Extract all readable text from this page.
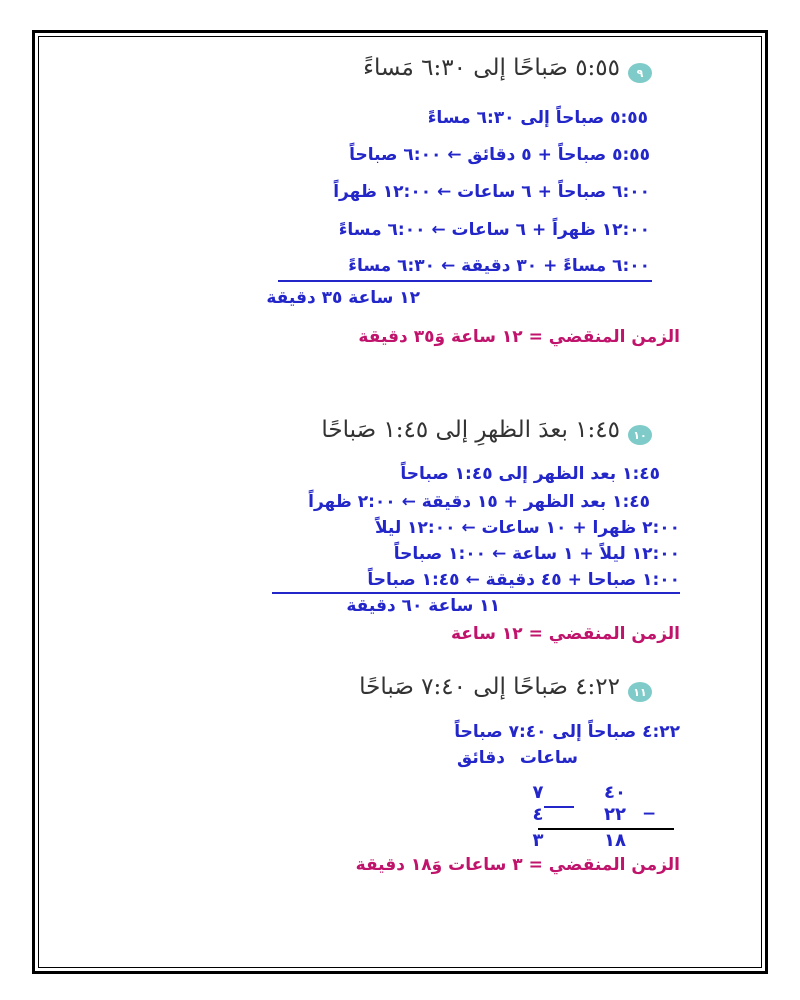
٩
٥:٥٥ صَباحًا إلى ٦:٣٠ مَساءً
٥:٥٥ صباحاً إلى ٦:٣٠ مساءً
٥:٥٥ صباحاً + ٥ دقائق ← ٦:٠٠ صباحاً
٦:٠٠ صباحاً + ٦ ساعات ← ١٢:٠٠ ظهراً
١٢:٠٠ ظهراً + ٦ ساعات ← ٦:٠٠ مساءً
٦:٠٠ مساءً + ٣٠ دقيقة ← ٦:٣٠ مساءً
١٢ ساعة ٣٥ دقيقة
الزمن المنقضي = ١٢ ساعة وَ٣٥ دقيقة
١٠
١:٤٥ بعدَ الظهرِ إلى ١:٤٥ صَباحًا
١:٤٥ بعد الظهر إلى ١:٤٥ صباحاً
١:٤٥ بعد الظهر + ١٥ دقيقة ← ٢:٠٠ ظهراً
٢:٠٠ ظهرا + ١٠ ساعات ← ١٢:٠٠ ليلاً
١٢:٠٠ ليلاً + ١ ساعة ← ١:٠٠ صباحاً
١:٠٠ صباحا + ٤٥ دقيقة ← ١:٤٥ صباحاً
١١ ساعة ٦٠ دقيقة
الزمن المنقضي = ١٢ ساعة
١١
٤:٢٢ صَباحًا إلى ٧:٤٠ صَباحًا
٤:٢٢ صباحاً إلى ٧:٤٠ صباحاً
ساعات
دقائق
٤٠
٧
٢٢
٤	−
١٨
٣
الزمن المنقضي = ٣ ساعات وَ١٨ دقيقة
